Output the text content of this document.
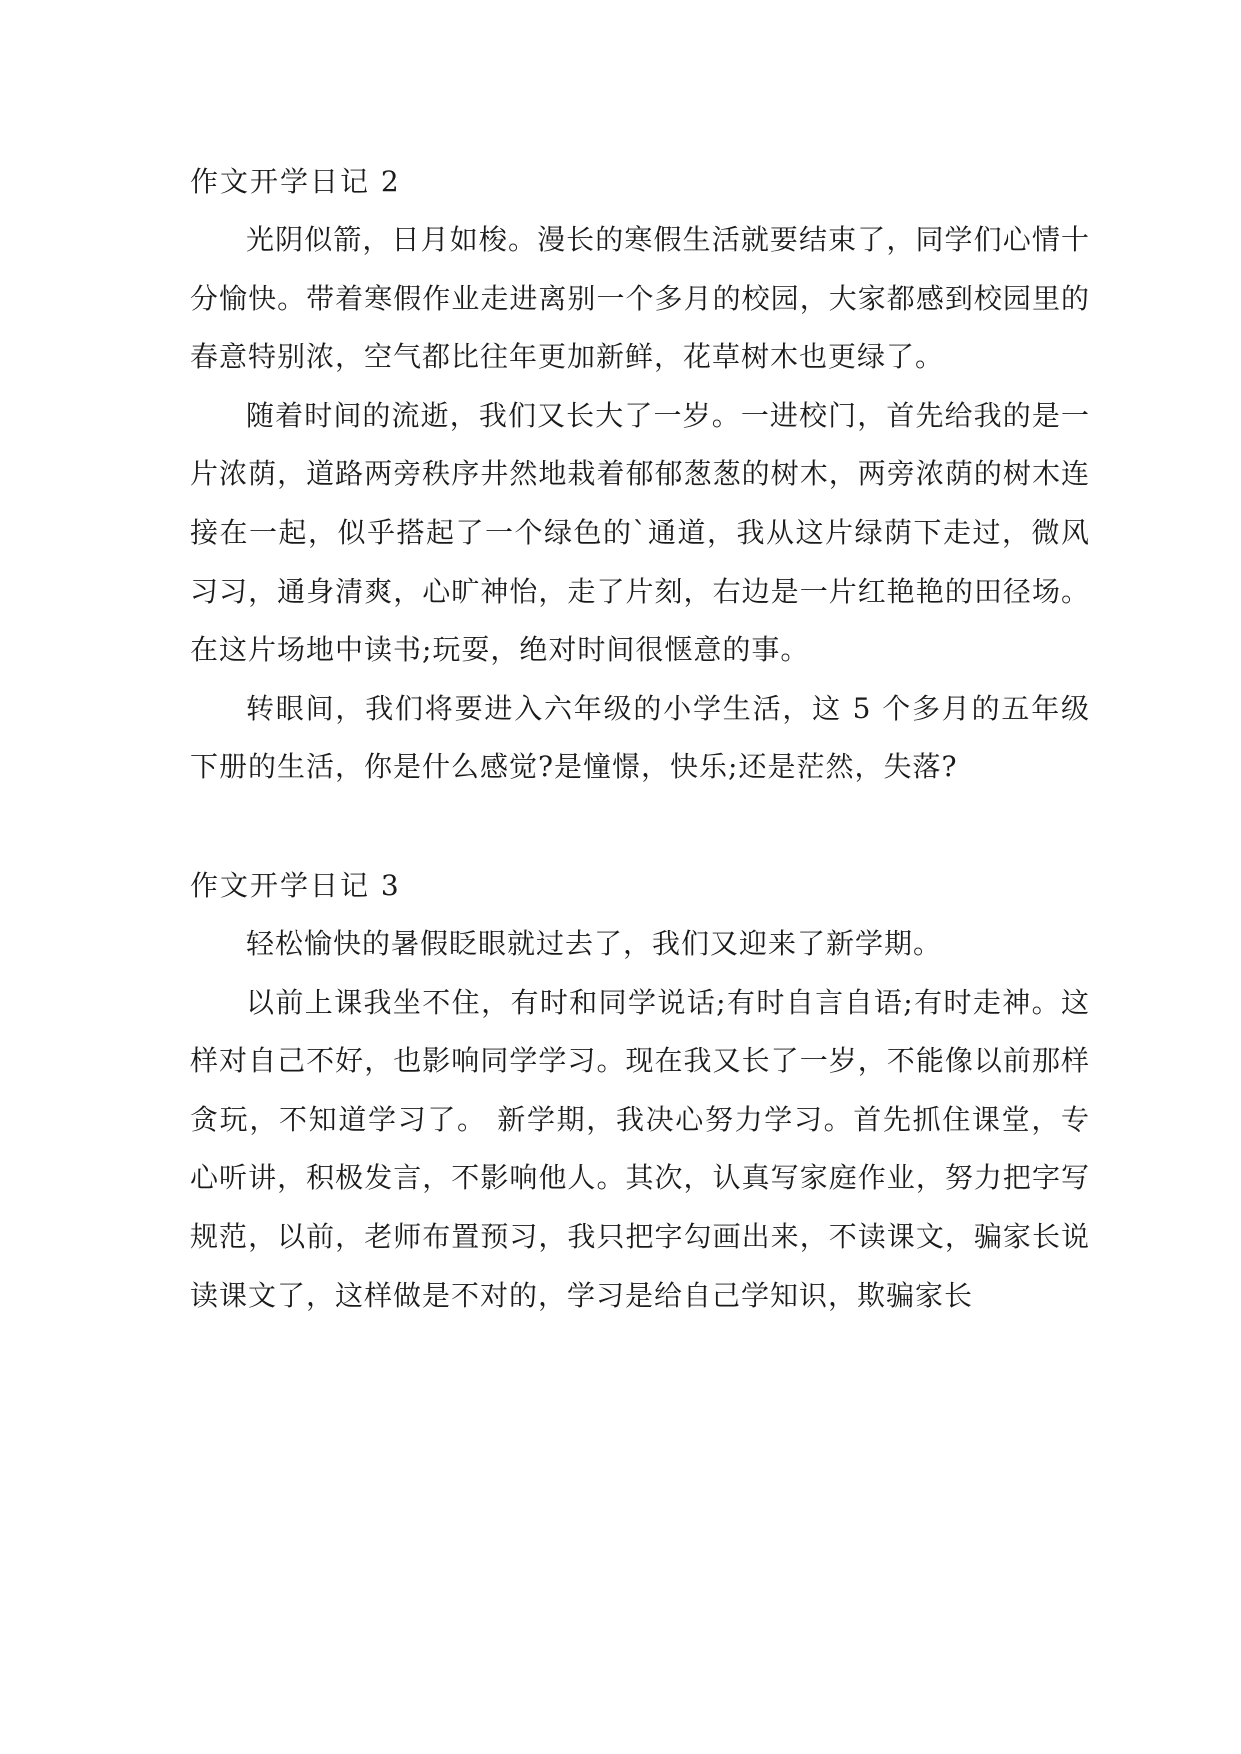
作文开学日记 2

光阴似箭，日月如梭。漫长的寒假生活就要结束了，同学们心情十分愉快。带着寒假作业走进离别一个多月的校园，大家都感到校园里的春意特别浓，空气都比往年更加新鲜，花草树木也更绿了。

随着时间的流逝，我们又长大了一岁。一进校门，首先给我的是一片浓荫，道路两旁秩序井然地栽着郁郁葱葱的树木，两旁浓荫的树木连接在一起，似乎搭起了一个绿色的`通道，我从这片绿荫下走过，微风习习，通身清爽，心旷神怡，走了片刻，右边是一片红艳艳的田径场。在这片场地中读书;玩耍，绝对时间很惬意的事。

转眼间，我们将要进入六年级的小学生活，这 5 个多月的五年级下册的生活，你是什么感觉?是憧憬，快乐;还是茫然，失落?

作文开学日记 3

轻松愉快的暑假眨眼就过去了，我们又迎来了新学期。

以前上课我坐不住，有时和同学说话;有时自言自语;有时走神。这样对自己不好，也影响同学学习。现在我又长了一岁，不能像以前那样贪玩，不知道学习了。 新学期，我决心努力学习。首先抓住课堂，专心听讲，积极发言，不影响他人。其次，认真写家庭作业，努力把字写规范，以前，老师布置预习，我只把字勾画出来，不读课文，骗家长说读课文了，这样做是不对的，学习是给自己学知识，欺骗家长
